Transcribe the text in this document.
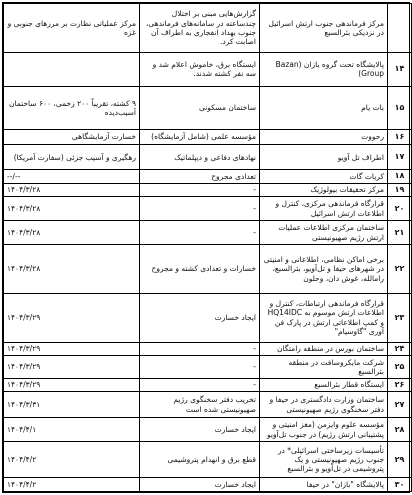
	مرکز فرماندهی جنوب ارتش اسرائیل در نزدیکی بئرالسبع	گزارش‌هایی مبنی بر اختلال چندساعته در سامانه‌های فرماندهی، جنوب بهداد انفجاری به اطراف آن اصابت کرد.	مرکز عملیاتی نظارت بر مرزهای جنوبی و غزه
۱۴	پالایشگاه تحت گروه بازان (Bazan Group)	ایستگاه برق، خاموش اعلام شد و سه نفر کشته شدند.	
۱۵	بات یام	ساختمان مسکونی	۹ کشته، تقریباً ۲۰۰ زخمی، ۶۰۰ ساختمان آسیب‌دیده
۱۶	رحووت	مؤسسه علمی (شامل آزمایشگاه)	خسارت آزمایشگاهی
۱۷	اطراف تل آویو	نهادهای دفاعی و دیپلماتیک	رهگیری و آسیب جزئی (سفارت آمریکا)
۱۸	کریات گات	تعدادی مجروح	--/--
۱۹	مرکز تحقیقات بیولوژیک	-	۱۴۰۴/۳/۲۸
۲۰	قرارگاه فرماندهی مرکزی، کنترل و اطلاعات ارتش اسرائیل	-	۱۴۰۴/۳/۲۸
۲۱	ساختمان مرکزی اطلاعات عملیات ارتش رژیم صهیونیستی	-	۱۴۰۴/۳/۲۸
۲۲	برخی اماکن نظامی، اطلاعاتی و امنیتی در شهرهای حیفا و تل‌آویو، بئرالسبع، رامالله، غوش دان، وحلون	خسارات و تعدادی کشته و مجروح	۱۴۰۴/۳/۲۸
۲۳	قرارگاه فرماندهی ارتباطات، کنترل و اطلاعات ارتش موسوم به HQ14IDC و کمپ اطلاعاتی ارتش در پارک فن آوری "گاوسیام"	ایجاد خسارت	۱۴۰۴/۳/۲۹
۲۴	ساختمان بورس در منطقه رامتگان	-	۱۴۰۴/۳/۲۹
۲۵	شرکت مایکروسافت در منطقه بئرالسبع	-	۱۴۰۴/۳/۲۹
۲۶	ایستگاه قطار بئرالسبع	-	۱۴۰۴/۳/۲۹
۲۷	ساختمان وزارت دادگستری در حیفا و دفتر سخنگوی رژیم صهیونیستی	تخریب دفتر سخنگوی رژیم صهیونیستی شده است	۱۴۰۴/۳/۳۱
۲۸	مؤسسه علوم وایزمن (مغز امنیتی و پشتیبانی ارتش رژیم) در جنوب تل‌آویو	ایجاد خسارت	۱۴۰۴/۴/۱
۲۹	تأسیسات زیرساختی اسرائیلی* در جنوب رژیم صهیونیستی و یک پتروشیمی در تل‌آویو و بئرالسبع	قطع برق و انهدام پتروشیمی	۱۴۰۴/۴/۲
۳۰	پالایشگاه "بازان" در حیفا	ایجاد خسارت	۱۴۰۴/۴/۲
